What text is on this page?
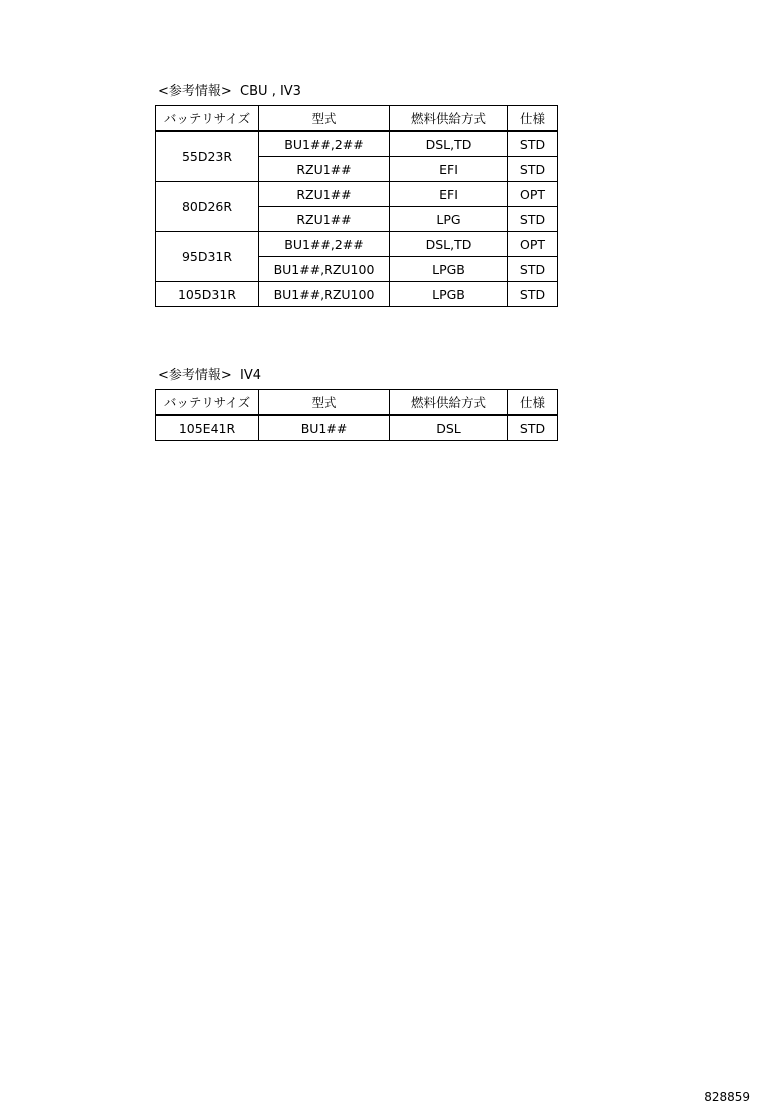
<参考情報>  CBU , IV3
バッテリサイズ	型式	燃料供給方式	仕様
55D23R	BU1##,2##	DSL,TD	STD
	RZU1##	EFI	STD
80D26R	RZU1##	EFI	OPT
	RZU1##	LPG	STD
95D31R	BU1##,2##	DSL,TD	OPT
	BU1##,RZU100	LPGB	STD
105D31R	BU1##,RZU100	LPGB	STD
<参考情報>  IV4
バッテリサイズ	型式	燃料供給方式	仕様
105E41R	BU1##	DSL	STD
828859
